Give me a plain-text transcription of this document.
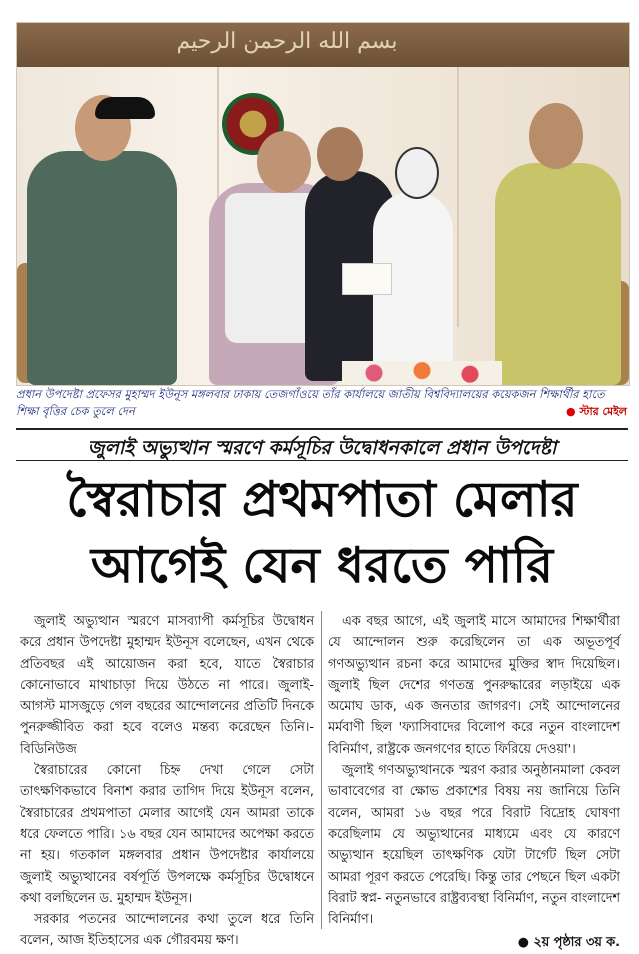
بسم الله الرحمن الرحيم
প্রধান উপদেষ্টা প্রফেসর মুহাম্মদ ইউনূস মঙ্গলবার ঢাকায় তেজগাঁওয়ে তাঁর কার্যালয়ে জাতীয় বিশ্ববিদ্যালয়ের কয়েকজন শিক্ষার্থীর হাতে শিক্ষা বৃত্তির চেক তুলে দেন	● স্টার মেইল
জুলাই অভ্যুত্থান স্মরণে কর্মসূচির উদ্বোধনকালে প্রধান উপদেষ্টা
স্বৈরাচার প্রথমপাতা মেলার
আগেই যেন ধরতে পারি

জুলাই অভ্যুত্থান স্মরণে মাসব্যাপী কর্মসূচির উদ্বোধন করে প্রধান উপদেষ্টা মুহাম্মদ ইউনূস বলেছেন, এখন থেকে প্রতিবছর এই আয়োজন করা হবে, যাতে স্বৈরাচার কোনোভাবে মাথাচাড়া দিয়ে উঠতে না পারে। জুলাই-আগস্ট মাসজুড়ে গেল বছরের আন্দোলনের প্রতিটি দিনকে পুনরুজ্জীবিত করা হবে বলেও মন্তব্য করেছেন তিনি।-বিডিনিউজ

স্বৈরাচারের কোনো চিহ্ন দেখা গেলে সেটা তাৎক্ষণিকভাবে বিনাশ করার তাগিদ দিয়ে ইউনূস বলেন, স্বৈরাচারের প্রথমপাতা মেলার আগেই যেন আমরা তাকে ধরে ফেলতে পারি। ১৬ বছর যেন আমাদের অপেক্ষা করতে না হয়। গতকাল মঙ্গলবার প্রধান উপদেষ্টার কার্যালয়ে জুলাই অভ্যুত্থানের বর্ষপূর্তি উপলক্ষে কর্মসূচির উদ্বোধনে কথা বলছিলেন ড. মুহাম্মদ ইউনূস।

সরকার পতনের আন্দোলনের কথা তুলে ধরে তিনি বলেন, আজ ইতিহাসের এক গৌরবময় ক্ষণ।

এক বছর আগে, এই জুলাই মাসে আমাদের শিক্ষার্থীরা যে আন্দোলন শুরু করেছিলেন তা এক অভূতপূর্ব গণঅভ্যুত্থান রচনা করে আমাদের মুক্তির স্বাদ দিয়েছিল। জুলাই ছিল দেশের গণতন্ত্র পুনরুদ্ধারের লড়াইয়ে এক অমোঘ ডাক, এক জনতার জাগরণ। সেই আন্দোলনের মর্মবাণী ছিল 'ফ্যাসিবাদের বিলোপ করে নতুন বাংলাদেশ বিনির্মাণ, রাষ্ট্রকে জনগণের হাতে ফিরিয়ে দেওয়া'।

জুলাই গণঅভ্যুত্থানকে স্মরণ করার অনুষ্ঠানমালা কেবল ভাবাবেগের বা ক্ষোভ প্রকাশের বিষয় নয় জানিয়ে তিনি বলেন, আমরা ১৬ বছর পরে বিরাট বিদ্রোহ ঘোষণা করেছিলাম যে অভ্যুত্থানের মাধ্যমে এবং যে কারণে অভ্যুত্থান হয়েছিল তাৎক্ষণিক যেটা টার্গেট ছিল সেটা আমরা পূরণ করতে পেরেছি। কিন্তু তার পেছনে ছিল একটা বিরাট স্বপ্ন- নতুনভাবে রাষ্ট্রব্যবস্থা বিনির্মাণ, নতুন বাংলাদেশ বিনির্মাণ।

● ২য় পৃষ্ঠার ৩য় ক.
